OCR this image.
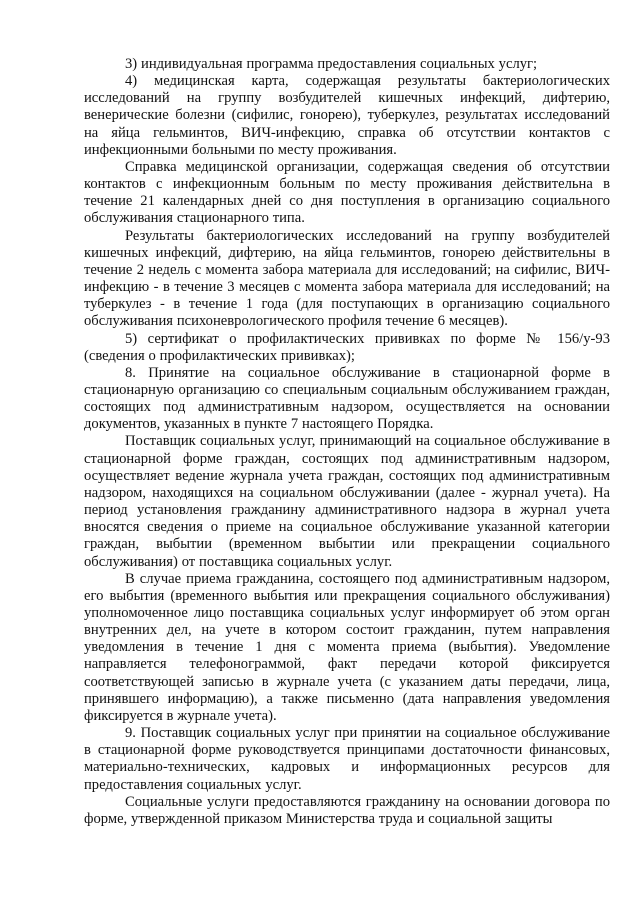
3) индивидуальная программа предоставления социальных услуг;

4) медицинская карта, содержащая результаты бактериологических исследований на группу возбудителей кишечных инфекций, дифтерию, венерические болезни (сифилис, гонорею), туберкулез, результатах исследований на яйца гельминтов, ВИЧ-инфекцию, справка об отсутствии контактов с инфекционными больными по месту проживания.

Справка медицинской организации, содержащая сведения об отсутствии контактов с инфекционным больным по месту проживания действительна в течение 21 календарных дней со дня поступления в организацию социального обслуживания стационарного типа.

Результаты бактериологических исследований на группу возбудителей кишечных инфекций, дифтерию, на яйца гельминтов, гонорею действительны в течение 2 недель с момента забора материала для исследований; на сифилис, ВИЧ-инфекцию - в течение 3 месяцев с момента забора материала для исследований; на туберкулез - в течение 1 года (для поступающих в организацию социального обслуживания психоневрологического профиля течение 6 месяцев).

5) сертификат о профилактических прививках по форме № 156/у-93 (сведения о профилактических прививках);

8. Принятие на социальное обслуживание в стационарной форме в стационарную организацию со специальным социальным обслуживанием граждан, состоящих под административным надзором, осуществляется на основании документов, указанных в пункте 7 настоящего Порядка.

Поставщик социальных услуг, принимающий на социальное обслуживание в стационарной форме граждан, состоящих под административным надзором, осуществляет ведение журнала учета граждан, состоящих под административным надзором, находящихся на социальном обслуживании (далее - журнал учета). На период установления гражданину административного надзора в журнал учета вносятся сведения о приеме на социальное обслуживание указанной категории граждан, выбытии (временном выбытии или прекращении социального обслуживания) от поставщика социальных услуг.

В случае приема гражданина, состоящего под административным надзором, его выбытия (временного выбытия или прекращения социального обслуживания) уполномоченное лицо поставщика социальных услуг информирует об этом орган внутренних дел, на учете в котором состоит гражданин, путем направления уведомления в течение 1 дня с момента приема (выбытия). Уведомление направляется телефонограммой, факт передачи которой фиксируется соответствующей записью в журнале учета (с указанием даты передачи, лица, принявшего информацию), а также письменно (дата направления уведомления фиксируется в журнале учета).

9. Поставщик социальных услуг при принятии на социальное обслуживание в стационарной форме руководствуется принципами достаточности финансовых, материально-технических, кадровых и информационных ресурсов для предоставления социальных услуг.

Социальные услуги предоставляются гражданину на основании договора по форме, утвержденной приказом Министерства труда и социальной защиты
